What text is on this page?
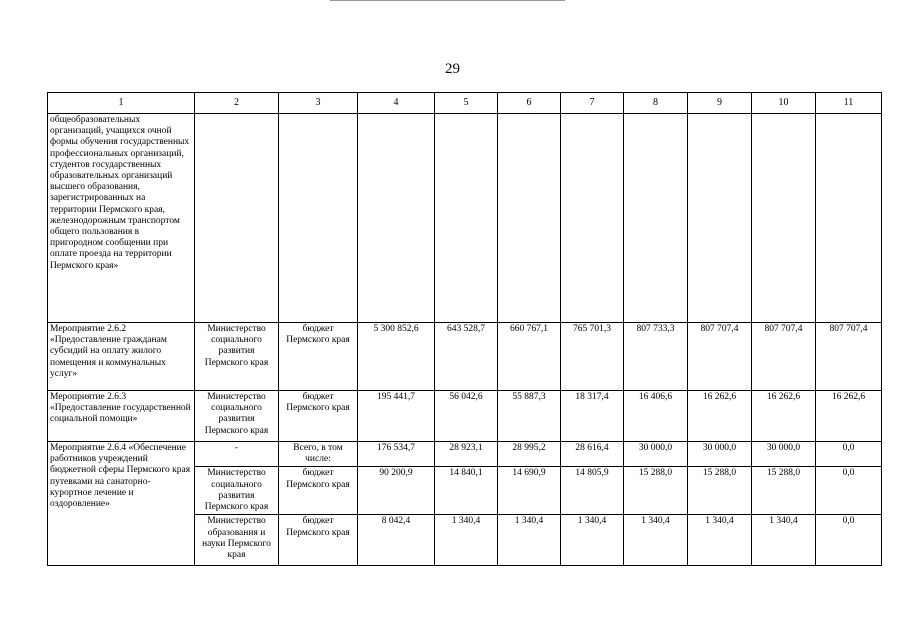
29
1	2	3	4	5	6	7	8	9	10	11
общеобразовательных организаций, учащихся очной формы обучения государственных профессиональных организаций, студентов государственных образовательных организаций высшего образования, зарегистрированных на территории Пермского края, железнодорожным транспортом общего пользования в пригородном сообщении при оплате проезда на территории Пермского края»										
Мероприятие 2.6.2 «Предоставление гражданам субсидий на оплату жилого помещения и коммунальных услуг»	Министерство социального развития Пермского края	бюджет Пермского края	5 300 852,6	643 528,7	660 767,1	765 701,3	807 733,3	807 707,4	807 707,4	807 707,4
Мероприятие 2.6.3 «Предоставление государственной социальной помощи»	Министерство социального развития Пермского края	бюджет Пермского края	195 441,7	56 042,6	55 887,3	18 317,4	16 406,6	16 262,6	16 262,6	16 262,6
Мероприятие 2.6.4 «Обеспечение работников учреждений бюджетной сферы Пермского края путевками на санаторно-курортное лечение и оздоровление»	-	Всего, в том числе:	176 534,7	28 923,1	28 995,2	28 616,4	30 000,0	30 000,0	30 000,0	0,0
	Министерство социального развития Пермского края	бюджет Пермского края	90 200,9	14 840,1	14 690,9	14 805,9	15 288,0	15 288,0	15 288,0	0,0
	Министерство образования и науки Пермского края	бюджет Пермского края	8 042,4	1 340,4	1 340,4	1 340,4	1 340,4	1 340,4	1 340,4	0,0
